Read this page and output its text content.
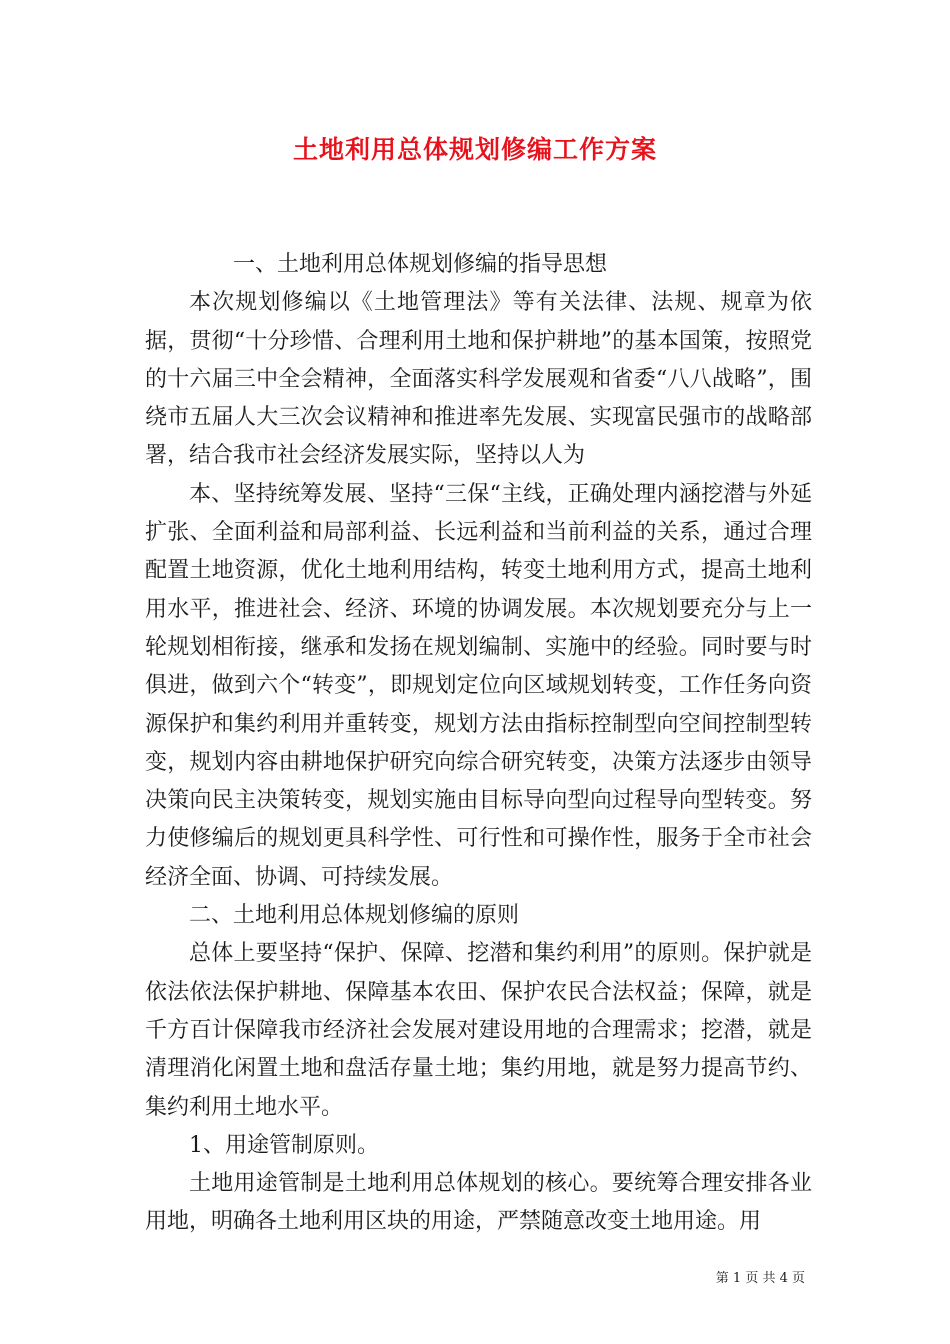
土地利用总体规划修编工作方案

一、土地利用总体规划修编的指导思想

本次规划修编以《土地管理法》等有关法律、法规、规章为依据，贯彻“十分珍惜、合理利用土地和保护耕地”的基本国策，按照党的十六届三中全会精神，全面落实科学发展观和省委“八八战略”，围绕市五届人大三次会议精神和推进率先发展、实现富民强市的战略部署，结合我市社会经济发展实际，坚持以人为

本、坚持统筹发展、坚持“三保“主线，正确处理内涵挖潜与外延扩张、全面利益和局部利益、长远利益和当前利益的关系，通过合理配置土地资源，优化土地利用结构，转变土地利用方式，提高土地利用水平，推进社会、经济、环境的协调发展。本次规划要充分与上一轮规划相衔接，继承和发扬在规划编制、实施中的经验。同时要与时俱进，做到六个“转变”，即规划定位向区域规划转变，工作任务向资源保护和集约利用并重转变，规划方法由指标控制型向空间控制型转变，规划内容由耕地保护研究向综合研究转变，决策方法逐步由领导决策向民主决策转变，规划实施由目标导向型向过程导向型转变。努力使修编后的规划更具科学性、可行性和可操作性，服务于全市社会经济全面、协调、可持续发展。

二、土地利用总体规划修编的原则

总体上要坚持“保护、保障、挖潜和集约利用”的原则。保护就是依法依法保护耕地、保障基本农田、保护农民合法权益；保障，就是千方百计保障我市经济社会发展对建设用地的合理需求；挖潜，就是清理消化闲置土地和盘活存量土地；集约用地，就是努力提高节约、集约利用土地水平。

1、用途管制原则。

土地用途管制是土地利用总体规划的核心。要统筹合理安排各业用地，明确各土地利用区块的用途，严禁随意改变土地用途。用

第 1 页 共 4 页
